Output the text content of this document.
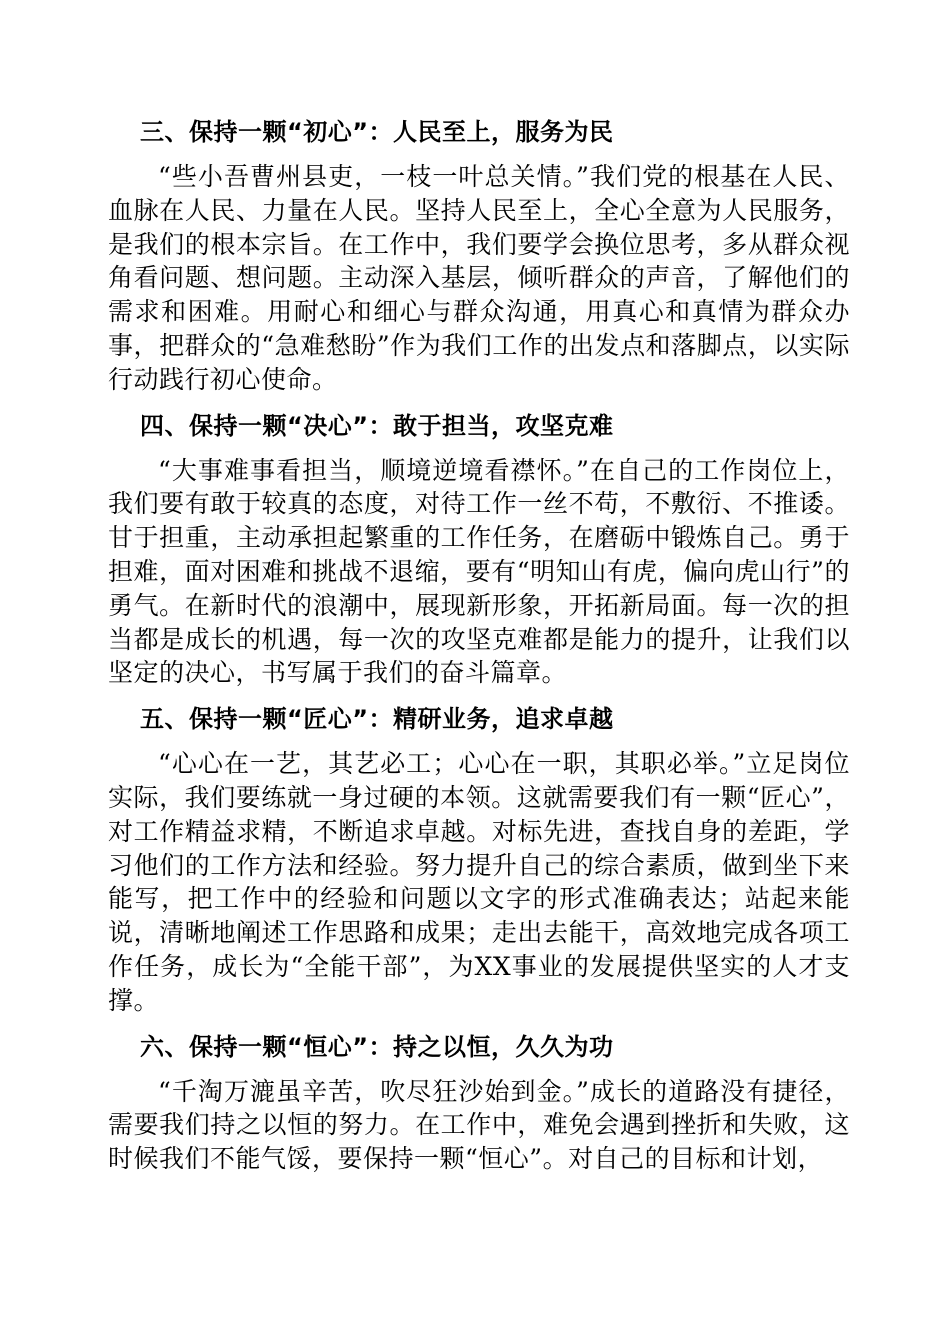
三、保持一颗“初心”：人民至上，服务为民

“些小吾曹州县吏，一枝一叶总关情。”我们党的根基在人民、血脉在人民、力量在人民。坚持人民至上，全心全意为人民服务，是我们的根本宗旨。在工作中，我们要学会换位思考，多从群众视角看问题、想问题。主动深入基层，倾听群众的声音，了解他们的需求和困难。用耐心和细心与群众沟通，用真心和真情为群众办事，把群众的“急难愁盼”作为我们工作的出发点和落脚点，以实际行动践行初心使命。

四、保持一颗“决心”：敢于担当，攻坚克难

“大事难事看担当，顺境逆境看襟怀。”在自己的工作岗位上，我们要有敢于较真的态度，对待工作一丝不苟，不敷衍、不推诿。甘于担重，主动承担起繁重的工作任务，在磨砺中锻炼自己。勇于担难，面对困难和挑战不退缩，要有“明知山有虎，偏向虎山行”的勇气。在新时代的浪潮中，展现新形象，开拓新局面。每一次的担当都是成长的机遇，每一次的攻坚克难都是能力的提升，让我们以坚定的决心，书写属于我们的奋斗篇章。

五、保持一颗“匠心”：精研业务，追求卓越

“心心在一艺，其艺必工；心心在一职，其职必举。”立足岗位实际，我们要练就一身过硬的本领。这就需要我们有一颗“匠心”，对工作精益求精，不断追求卓越。对标先进，查找自身的差距，学习他们的工作方法和经验。努力提升自己的综合素质，做到坐下来能写，把工作中的经验和问题以文字的形式准确表达；站起来能说，清晰地阐述工作思路和成果；走出去能干，高效地完成各项工作任务，成长为“全能干部”，为XX事业的发展提供坚实的人才支撑。

六、保持一颗“恒心”：持之以恒，久久为功

“千淘万漉虽辛苦，吹尽狂沙始到金。”成长的道路没有捷径，需要我们持之以恒的努力。在工作中，难免会遇到挫折和失败，这时候我们不能气馁，要保持一颗“恒心”。对自己的目标和计划，
